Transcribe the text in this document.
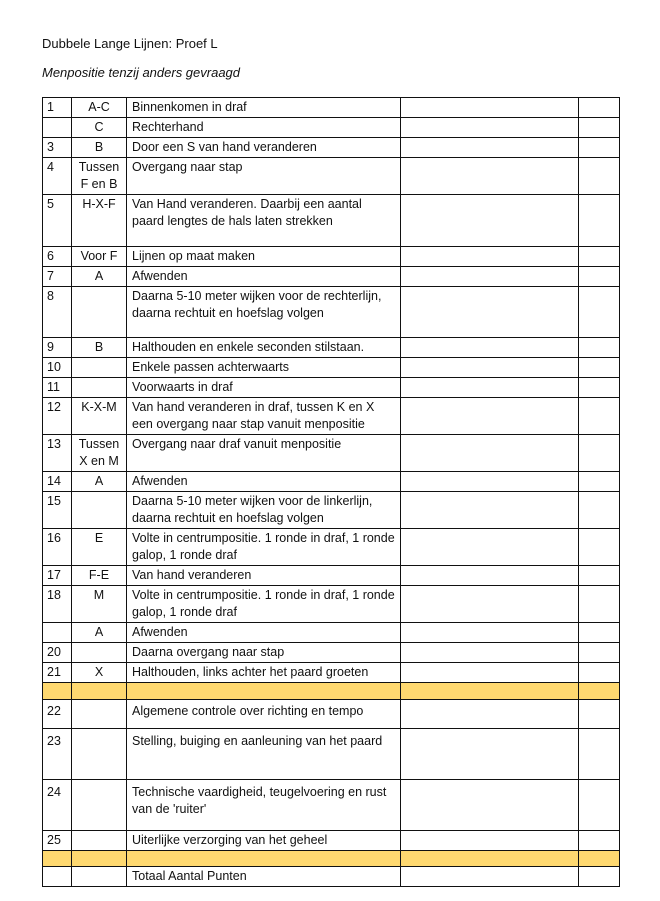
Dubbele Lange Lijnen: Proef L
Menpositie tenzij anders gevraagd
1	A-C	Binnenkomen in draf		
	C	Rechterhand		
3	B	Door een S van hand veranderen		
4	Tussen F en B	Overgang naar stap		
5	H-X-F	Van Hand veranderen. Daarbij een aantal paard lengtes de hals laten strekken		
6	Voor F	Lijnen op maat maken		
7	A	Afwenden		
8		Daarna 5-10 meter wijken voor de rechterlijn, daarna rechtuit en hoefslag volgen		
9	B	Halthouden en enkele seconden stilstaan.		
10		Enkele passen achterwaarts		
11		Voorwaarts in draf		
12	K-X-M	Van hand veranderen in draf, tussen K en X een overgang naar stap vanuit menpositie		
13	Tussen X en M	Overgang naar draf vanuit menpositie		
14	A	Afwenden		
15		Daarna 5-10 meter wijken voor de linkerlijn, daarna rechtuit en hoefslag volgen		
16	E	Volte in centrumpositie. 1 ronde in draf, 1 ronde galop, 1 ronde draf		
17	F-E	Van hand veranderen		
18	M	Volte in centrumpositie. 1 ronde in draf, 1 ronde galop, 1 ronde draf		
	A	Afwenden		
20		Daarna overgang naar stap		
21	X	Halthouden, links achter het paard groeten		

22		Algemene controle over richting en tempo		
23		Stelling, buiging en aanleuning van het paard		
24		Technische vaardigheid, teugelvoering en rust van de 'ruiter'		
25		Uiterlijke verzorging van het geheel		

		Totaal Aantal Punten		
